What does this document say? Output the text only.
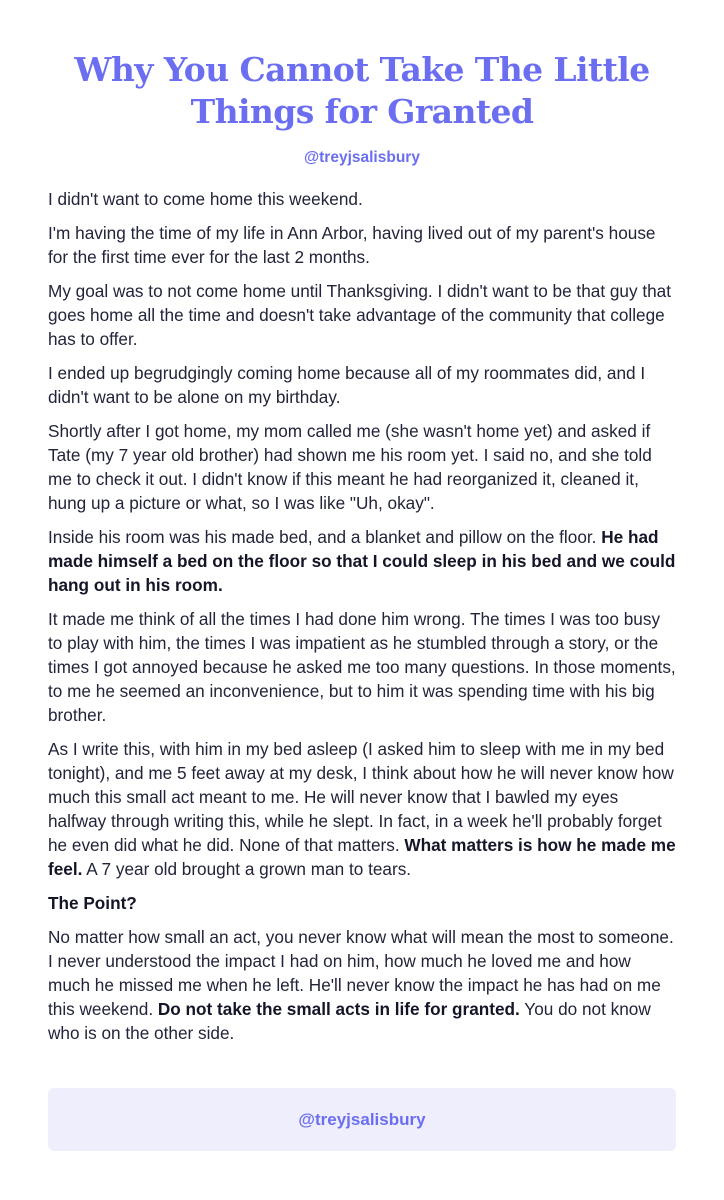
Why You Cannot Take The Little Things for Granted
@treyjsalisbury

I didn't want to come home this weekend.

I'm having the time of my life in Ann Arbor, having lived out of my parent's house for the first time ever for the last 2 months.

My goal was to not come home until Thanksgiving. I didn't want to be that guy that goes home all the time and doesn't take advantage of the community that college has to offer.

I ended up begrudgingly coming home because all of my roommates did, and I didn't want to be alone on my birthday.

Shortly after I got home, my mom called me (she wasn't home yet) and asked if Tate (my 7 year old brother) had shown me his room yet. I said no, and she told me to check it out. I didn't know if this meant he had reorganized it, cleaned it, hung up a picture or what, so I was like "Uh, okay".

Inside his room was his made bed, and a blanket and pillow on the floor. He had made himself a bed on the floor so that I could sleep in his bed and we could hang out in his room.

It made me think of all the times I had done him wrong. The times I was too busy to play with him, the times I was impatient as he stumbled through a story, or the times I got annoyed because he asked me too many questions. In those moments, to me he seemed an inconvenience, but to him it was spending time with his big brother.

As I write this, with him in my bed asleep (I asked him to sleep with me in my bed tonight), and me 5 feet away at my desk, I think about how he will never know how much this small act meant to me. He will never know that I bawled my eyes halfway through writing this, while he slept. In fact, in a week he'll probably forget he even did what he did. None of that matters. What matters is how he made me feel. A 7 year old brought a grown man to tears.

The Point?

No matter how small an act, you never know what will mean the most to someone. I never understood the impact I had on him, how much he loved me and how much he missed me when he left. He'll never know the impact he has had on me this weekend. Do not take the small acts in life for granted. You do not know who is on the other side.

@treyjsalisbury
